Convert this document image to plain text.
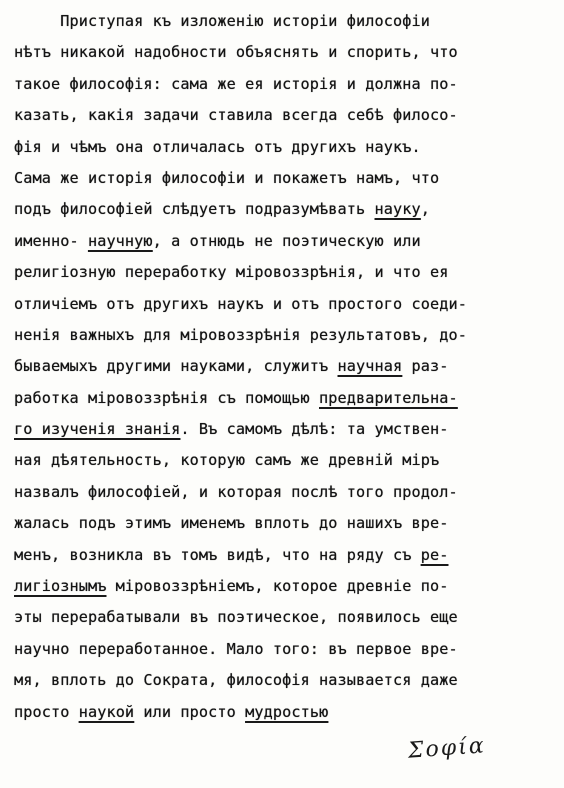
Приступая къ изложенію исторіи философіи
нѣтъ никакой надобности объяснять и спорить, что
такое философія: сама же ея исторія и должна по-
казать, какія задачи ставила всегда себѣ филосо-
фія и чѣмъ она отличалась отъ другихъ наукъ.
Сама же исторія философіи и покажетъ намъ, что
подъ философіей слѣдуетъ подразумѣвать науку,
именно- научную, а отнюдь не поэтическую или
религіозную переработку міровоззрѣнія, и что ея
отличіемъ отъ другихъ наукъ и отъ простого соеди-
ненія важныхъ для міровоззрѣнія результатовъ, до-
бываемыхъ другими науками, служитъ научная раз-
работка міровоззрѣнія съ помощью предварительна-
го изученія знанія. Въ самомъ дѣлѣ: та умствен-
ная дѣятельность, которую самъ же древній міръ
назвалъ философіей, и которая послѣ того продол-
жалась подъ этимъ именемъ вплоть до нашихъ вре-
менъ, возникла въ томъ видѣ, что на ряду съ ре-
лигіознымъ міровоззрѣніемъ, которое древніе по-
эты перерабатывали въ поэтическое, появилось еще
научно переработанное. Мало того: въ первое вре-
мя, вплоть до Сократа, философія называется даже
просто наукой или просто мудростью
Σοφία
